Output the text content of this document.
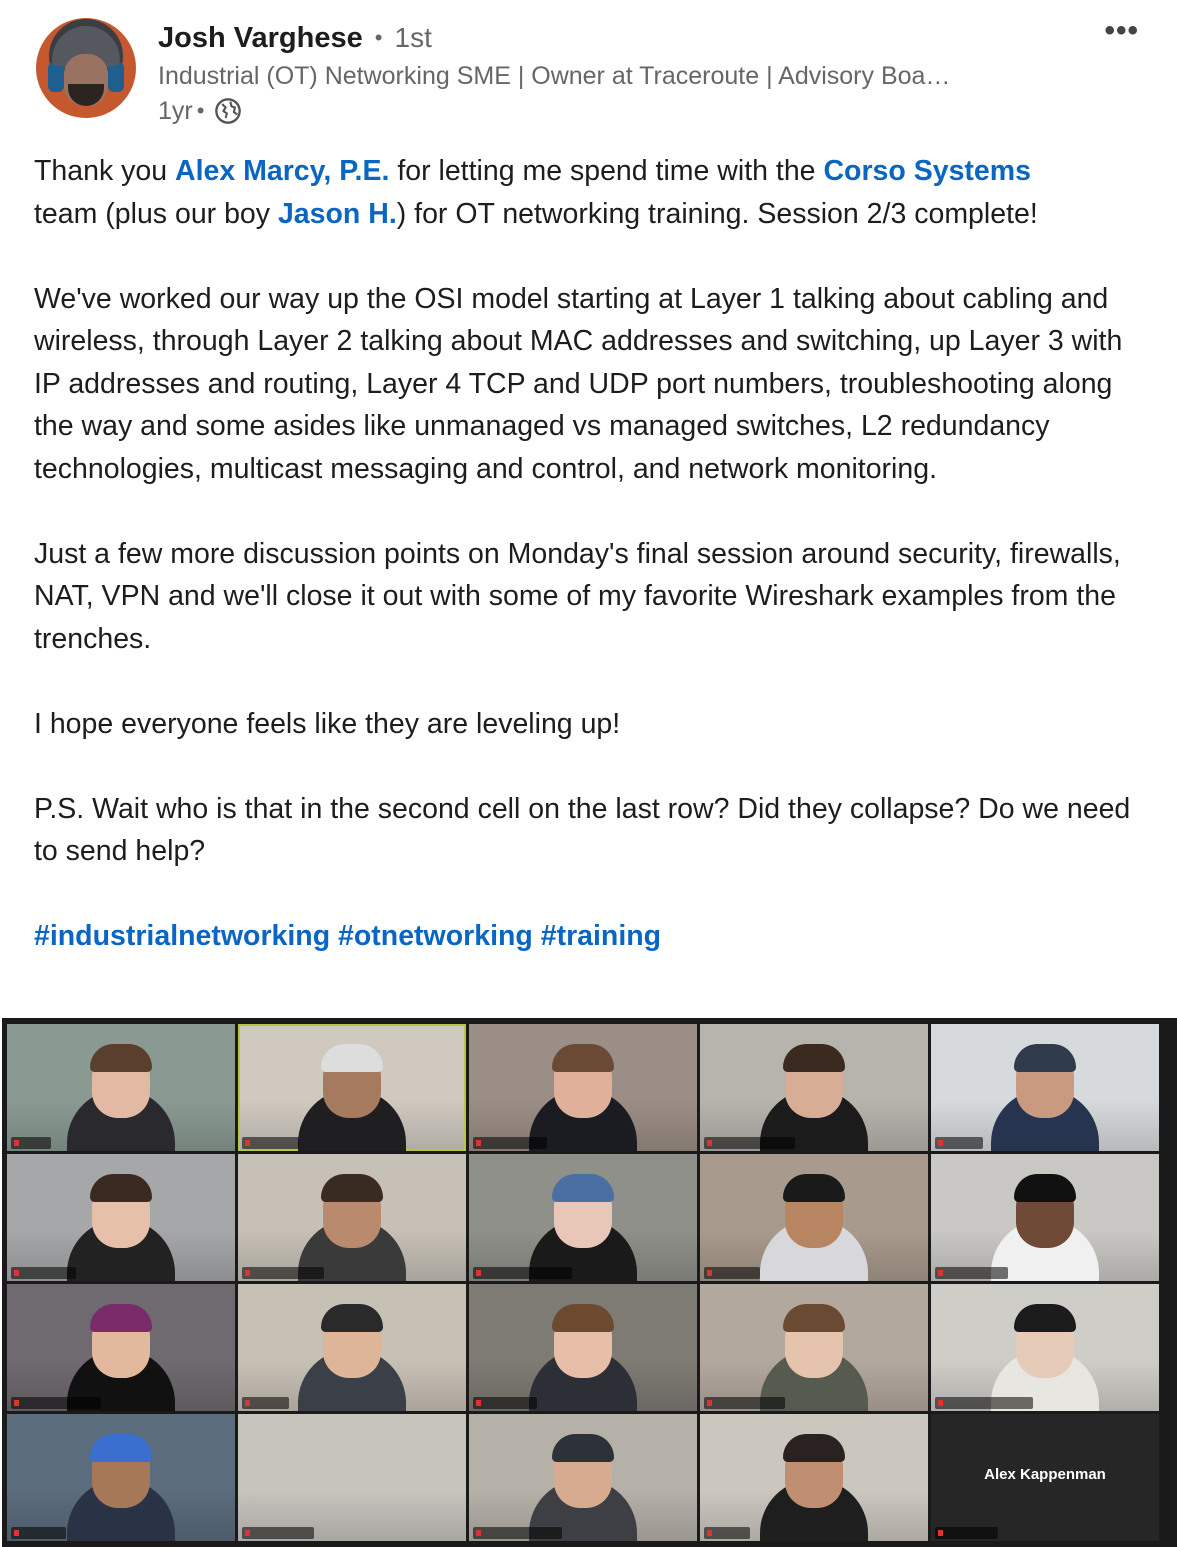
Josh Varghese • 1st
Industrial (OT) Networking SME | Owner at Traceroute | Advisory Boa…
1yr •
•••

Thank you Alex Marcy, P.E. for letting me spend time with the Corso Systems
team (plus our boy Jason H.) for OT networking training. Session 2/3 complete!

We've worked our way up the OSI model starting at Layer 1 talking about cabling and wireless, through Layer 2 talking about MAC addresses and switching, up Layer 3 with IP addresses and routing, Layer 4 TCP and UDP port numbers, troubleshooting along the way and some asides like unmanaged vs managed switches, L2 redundancy technologies, multicast messaging and control, and network monitoring.

Just a few more discussion points on Monday's final session around security, firewalls, NAT, VPN and we'll close it out with some of my favorite Wireshark examples from the trenches.

I hope everyone feels like they are leveling up!

P.S. Wait who is that in the second cell on the last row? Did they collapse? Do we need to send help?

#industrialnetworking #otnetworking #training

Alex Kappenman
